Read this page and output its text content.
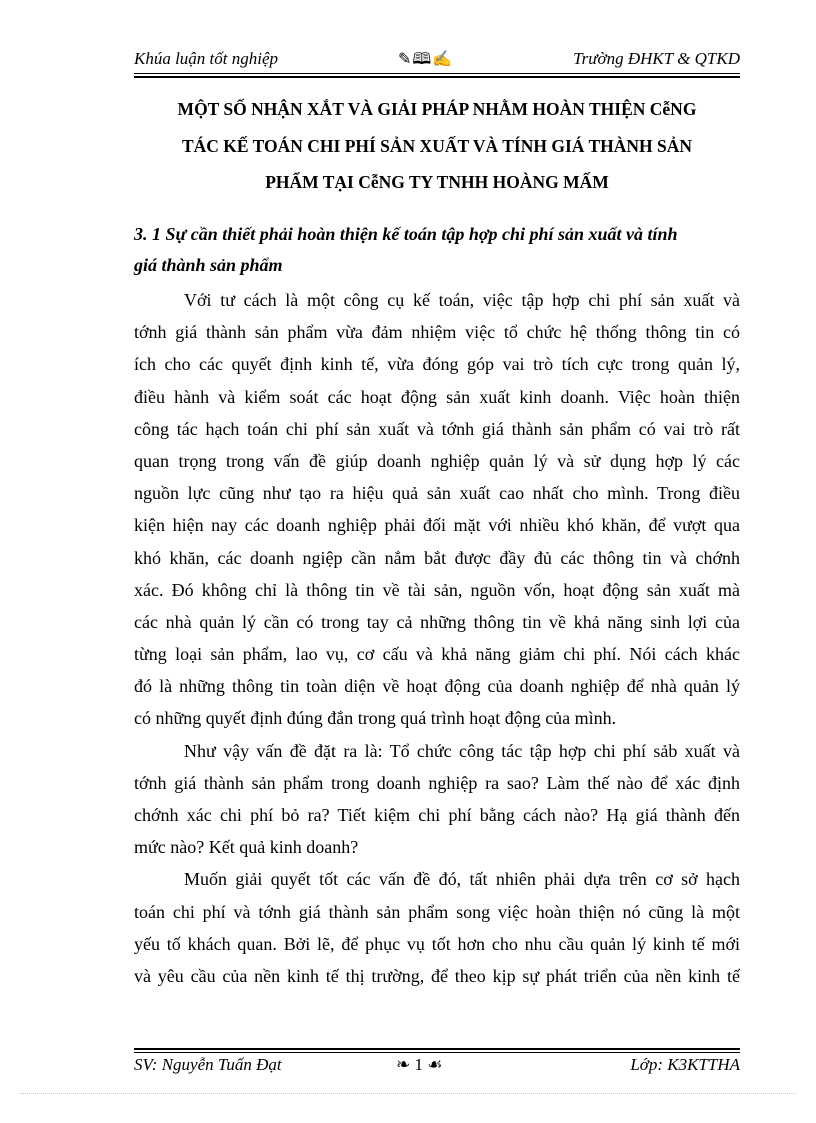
Khúa luận tốt nghiệp	✎🕮✍	Trường ĐHKT & QTKD
MỘT SỐ NHẬN XẮT VÀ GIẢI PHÁP NHẰM HOÀN THIỆN CễNG
TÁC KẾ TOÁN CHI PHÍ SẢN XUẤT VÀ TÍNH GIÁ THÀNH SẢN
PHẨM TẠI CễNG TY TNHH HOÀNG MẤM
3. 1 Sự cần thiết phải hoàn thiện kế toán tập hợp chi phí sản xuất và tính
giá thành sản phẩm
Với tư cách là một công cụ kế toán, việc tập hợp chi phí sản xuất và
tớnh giá thành sản phẩm vừa đảm nhiệm việc tổ chức hệ thống thông tin có
ích cho các quyết định kinh tế, vừa đóng góp vai trò tích cực trong quản lý,
điều hành và kiểm soát các hoạt động sản xuất kinh doanh. Việc hoàn thiện
công tác hạch toán chi phí sản xuất và tớnh giá thành sản phẩm có vai trò rất
quan trọng trong vấn đề giúp doanh nghiệp quản lý và sử dụng hợp lý các
nguồn lực cũng như tạo ra hiệu quả sản xuất cao nhất cho mình. Trong điều
kiện hiện nay các doanh nghiệp phải đối mặt với nhiều khó khăn, để vượt qua
khó khăn, các doanh ngiệp cần nắm bắt được đầy đủ các thông tin và chớnh
xác. Đó không chỉ là thông tin về tài sản, nguồn vốn, hoạt động sản xuất mà
các nhà quản lý cần có trong tay cả những thông tin về khả năng sinh lợi của
từng loại sản phẩm, lao vụ, cơ cấu và khả năng giảm chi phí. Nói cách khác
đó là những thông tin toàn diện về hoạt động của doanh nghiệp để nhà quản lý
có những quyết định đúng đắn trong quá trình hoạt động của mình.
Như vậy vấn đề đặt ra là: Tổ chức công tác tập hợp chi phí sảb xuất và
tớnh giá thành sản phẩm trong doanh nghiệp ra sao? Làm thế nào để xác định
chớnh xác chi phí bỏ ra? Tiết kiệm chi phí bằng cách nào? Hạ giá thành đến
mức nào? Kết quả kinh doanh?
Muốn giải quyết tốt các vấn đề đó, tất nhiên phải dựa trên cơ sở hạch
toán chi phí và tớnh giá thành sản phẩm song việc hoàn thiện nó cũng là một
yếu tố khách quan. Bởi lẽ, để phục vụ tốt hơn cho nhu cầu quản lý kinh tế mới
và yêu cầu của nền kinh tế thị trường, để theo kịp sự phát triển của nền kinh tế
SV: Nguyễn Tuấn Đạt	❧ 1 ☙	Lớp: K3KTTHA
